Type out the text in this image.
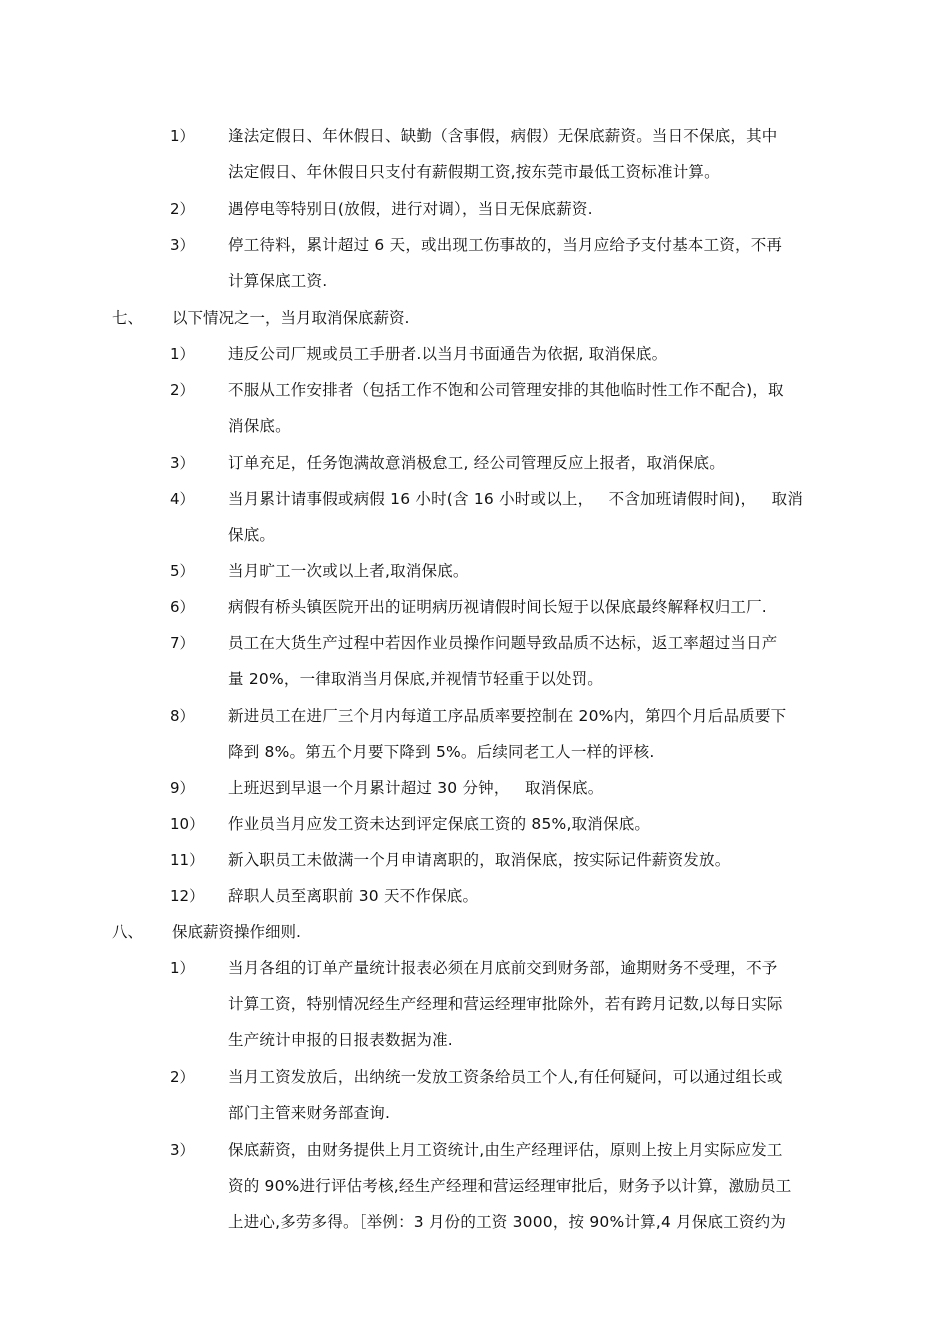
1）	逢法定假日、年休假日、缺勤（含事假，病假）无保底薪资。当日不保底，其中
法定假日、年休假日只支付有薪假期工资,按东莞市最低工资标准计算。
2）	遇停电等特别日(放假，进行对调），当日无保底薪资.
3）	停工待料，累计超过 6 天，或出现工伤事故的，当月应给予支付基本工资，不再
计算保底工资.
七、 以下情况之一，当月取消保底薪资.
1）	违反公司厂规或员工手册者.以当月书面通告为依据, 取消保底。
2）	不服从工作安排者（包括工作不饱和公司管理安排的其他临时性工作不配合)，取
消保底。
3）	订单充足，任务饱满故意消极怠工, 经公司管理反应上报者，取消保底。
4）	当月累计请事假或病假 16 小时(含 16 小时或以上，   不含加班请假时间)，   取消
保底。
5）	当月旷工一次或以上者,取消保底。
6）	病假有桥头镇医院开出的证明病历视请假时间长短于以保底最终解释权归工厂.
7）	员工在大货生产过程中若因作业员操作问题导致品质不达标，返工率超过当日产
量 20%，一律取消当月保底,并视情节轻重于以处罚。
8）	新进员工在进厂三个月内每道工序品质率要控制在 20%内，第四个月后品质要下
降到 8%。第五个月要下降到 5%。后续同老工人一样的评核.
9）	上班迟到早退一个月累计超过 30 分钟，   取消保底。
10）	作业员当月应发工资未达到评定保底工资的 85%,取消保底。
11）	新入职员工未做满一个月申请离职的，取消保底，按实际记件薪资发放。
12）	辞职人员至离职前 30 天不作保底。
八、 保底薪资操作细则.
1）	当月各组的订单产量统计报表必须在月底前交到财务部，逾期财务不受理，不予
计算工资，特别情况经生产经理和营运经理审批除外，若有跨月记数,以每日实际
生产统计申报的日报表数据为准.
2）	当月工资发放后，出纳统一发放工资条给员工个人,有任何疑问，可以通过组长或
部门主管来财务部查询.
3）	保底薪资，由财务提供上月工资统计,由生产经理评估，原则上按上月实际应发工
资的 90%进行评估考核,经生产经理和营运经理审批后，财务予以计算，激励员工
上进心,多劳多得。［举例：3 月份的工资 3000，按 90%计算,4 月保底工资约为
